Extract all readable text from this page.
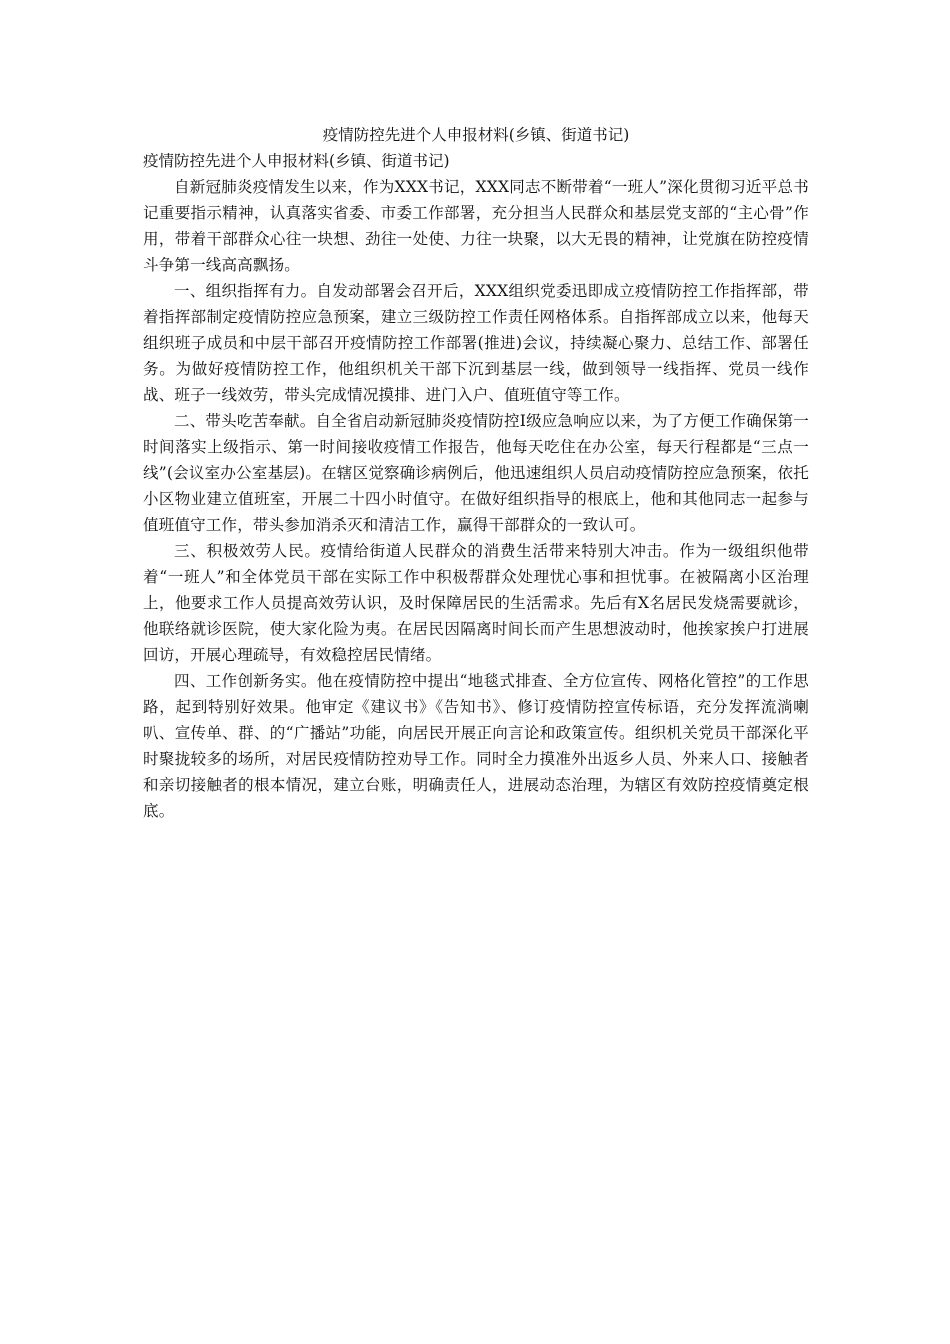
疫情防控先进个人申报材料(乡镇、街道书记)

疫情防控先进个人申报材料(乡镇、街道书记)

自新冠肺炎疫情发生以来，作为XXX书记，XXX同志不断带着“一班人”深化贯彻习近平总书记重要指示精神，认真落实省委、市委工作部署，充分担当人民群众和基层党支部的“主心骨”作用，带着干部群众心往一块想、劲往一处使、力往一块聚，以大无畏的精神，让党旗在防控疫情斗争第一线高高飘扬。

一、组织指挥有力。自发动部署会召开后，XXX组织党委迅即成立疫情防控工作指挥部，带着指挥部制定疫情防控应急预案，建立三级防控工作责任网格体系。自指挥部成立以来，他每天组织班子成员和中层干部召开疫情防控工作部署(推进)会议，持续凝心聚力、总结工作、部署任务。为做好疫情防控工作，他组织机关干部下沉到基层一线，做到领导一线指挥、党员一线作战、班子一线效劳，带头完成情况摸排、进门入户、值班值守等工作。

二、带头吃苦奉献。自全省启动新冠肺炎疫情防控Ⅰ级应急响应以来，为了方便工作确保第一时间落实上级指示、第一时间接收疫情工作报告，他每天吃住在办公室，每天行程都是“三点一线”(会议室办公室基层)。在辖区觉察确诊病例后，他迅速组织人员启动疫情防控应急预案，依托小区物业建立值班室，开展二十四小时值守。在做好组织指导的根底上，他和其他同志一起参与值班值守工作，带头参加消杀灭和清洁工作，赢得干部群众的一致认可。

三、积极效劳人民。疫情给街道人民群众的消费生活带来特别大冲击。作为一级组织他带着“一班人”和全体党员干部在实际工作中积极帮群众处理忧心事和担忧事。在被隔离小区治理上，他要求工作人员提高效劳认识，及时保障居民的生活需求。先后有X名居民发烧需要就诊，他联络就诊医院，使大家化险为夷。在居民因隔离时间长而产生思想波动时，他挨家挨户打进展回访，开展心理疏导，有效稳控居民情绪。

四、工作创新务实。他在疫情防控中提出“地毯式排查、全方位宣传、网格化管控”的工作思路，起到特别好效果。他审定《建议书》《告知书》、修订疫情防控宣传标语，充分发挥流淌喇叭、宣传单、群、的“广播站”功能，向居民开展正向言论和政策宣传。组织机关党员干部深化平时聚拢较多的场所，对居民疫情防控劝导工作。同时全力摸准外出返乡人员、外来人口、接触者和亲切接触者的根本情况，建立台账，明确责任人，进展动态治理，为辖区有效防控疫情奠定根底。
